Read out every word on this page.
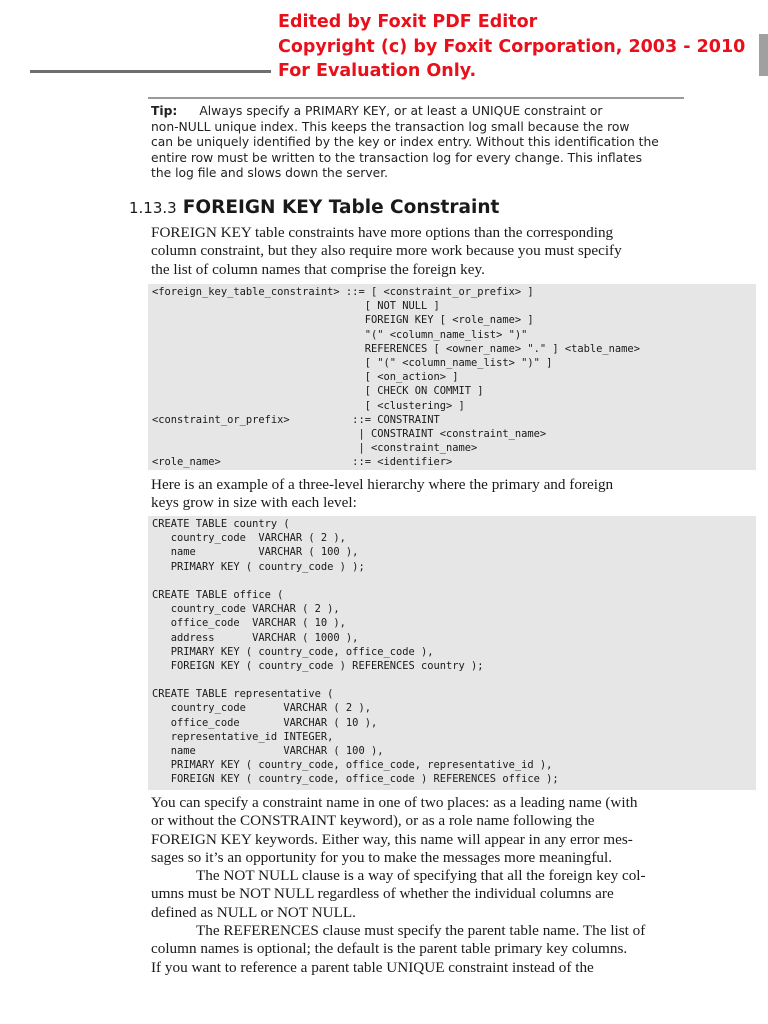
Edited by Foxit PDF Editor
Copyright (c) by Foxit Corporation, 2003 - 2010
For Evaluation Only.
Tip: Always specify a PRIMARY KEY, or at least a UNIQUE constraint or
non-NULL unique index. This keeps the transaction log small because the row
can be uniquely identified by the key or index entry. Without this identification the
entire row must be written to the transaction log for every change. This inflates
the log file and slows down the server.
1.13.3 FOREIGN KEY Table Constraint
FOREIGN KEY table constraints have more options than the corresponding
column constraint, but they also require more work because you must specify
the list of column names that comprise the foreign key.
<foreign_key_table_constraint> ::= [ <constraint_or_prefix> ]
[ NOT NULL ]
FOREIGN KEY [ <role_name> ]
"(" <column_name_list> ")"
REFERENCES [ <owner_name> "." ] <table_name>
[ "(" <column_name_list> ")" ]
[ <on_action> ]
[ CHECK ON COMMIT ]
[ <clustering> ]
<constraint_or_prefix>          ::= CONSTRAINT
| CONSTRAINT <constraint_name>
| <constraint_name>
<role_name>                     ::= <identifier>
Here is an example of a three-level hierarchy where the primary and foreign
keys grow in size with each level:
CREATE TABLE country (
country_code  VARCHAR ( 2 ),
name          VARCHAR ( 100 ),
PRIMARY KEY ( country_code ) );
CREATE TABLE office (
country_code VARCHAR ( 2 ),
office_code  VARCHAR ( 10 ),
address      VARCHAR ( 1000 ),
PRIMARY KEY ( country_code, office_code ),
FOREIGN KEY ( country_code ) REFERENCES country );
CREATE TABLE representative (
country_code      VARCHAR ( 2 ),
office_code       VARCHAR ( 10 ),
representative_id INTEGER,
name              VARCHAR ( 100 ),
PRIMARY KEY ( country_code, office_code, representative_id ),
FOREIGN KEY ( country_code, office_code ) REFERENCES office );
You can specify a constraint name in one of two places: as a leading name (with
or without the CONSTRAINT keyword), or as a role name following the
FOREIGN KEY keywords. Either way, this name will appear in any error mes-
sages so it’s an opportunity for you to make the messages more meaningful.
The NOT NULL clause is a way of specifying that all the foreign key col-
umns must be NOT NULL regardless of whether the individual columns are
defined as NULL or NOT NULL.
The REFERENCES clause must specify the parent table name. The list of
column names is optional; the default is the parent table primary key columns.
If you want to reference a parent table UNIQUE constraint instead of the
